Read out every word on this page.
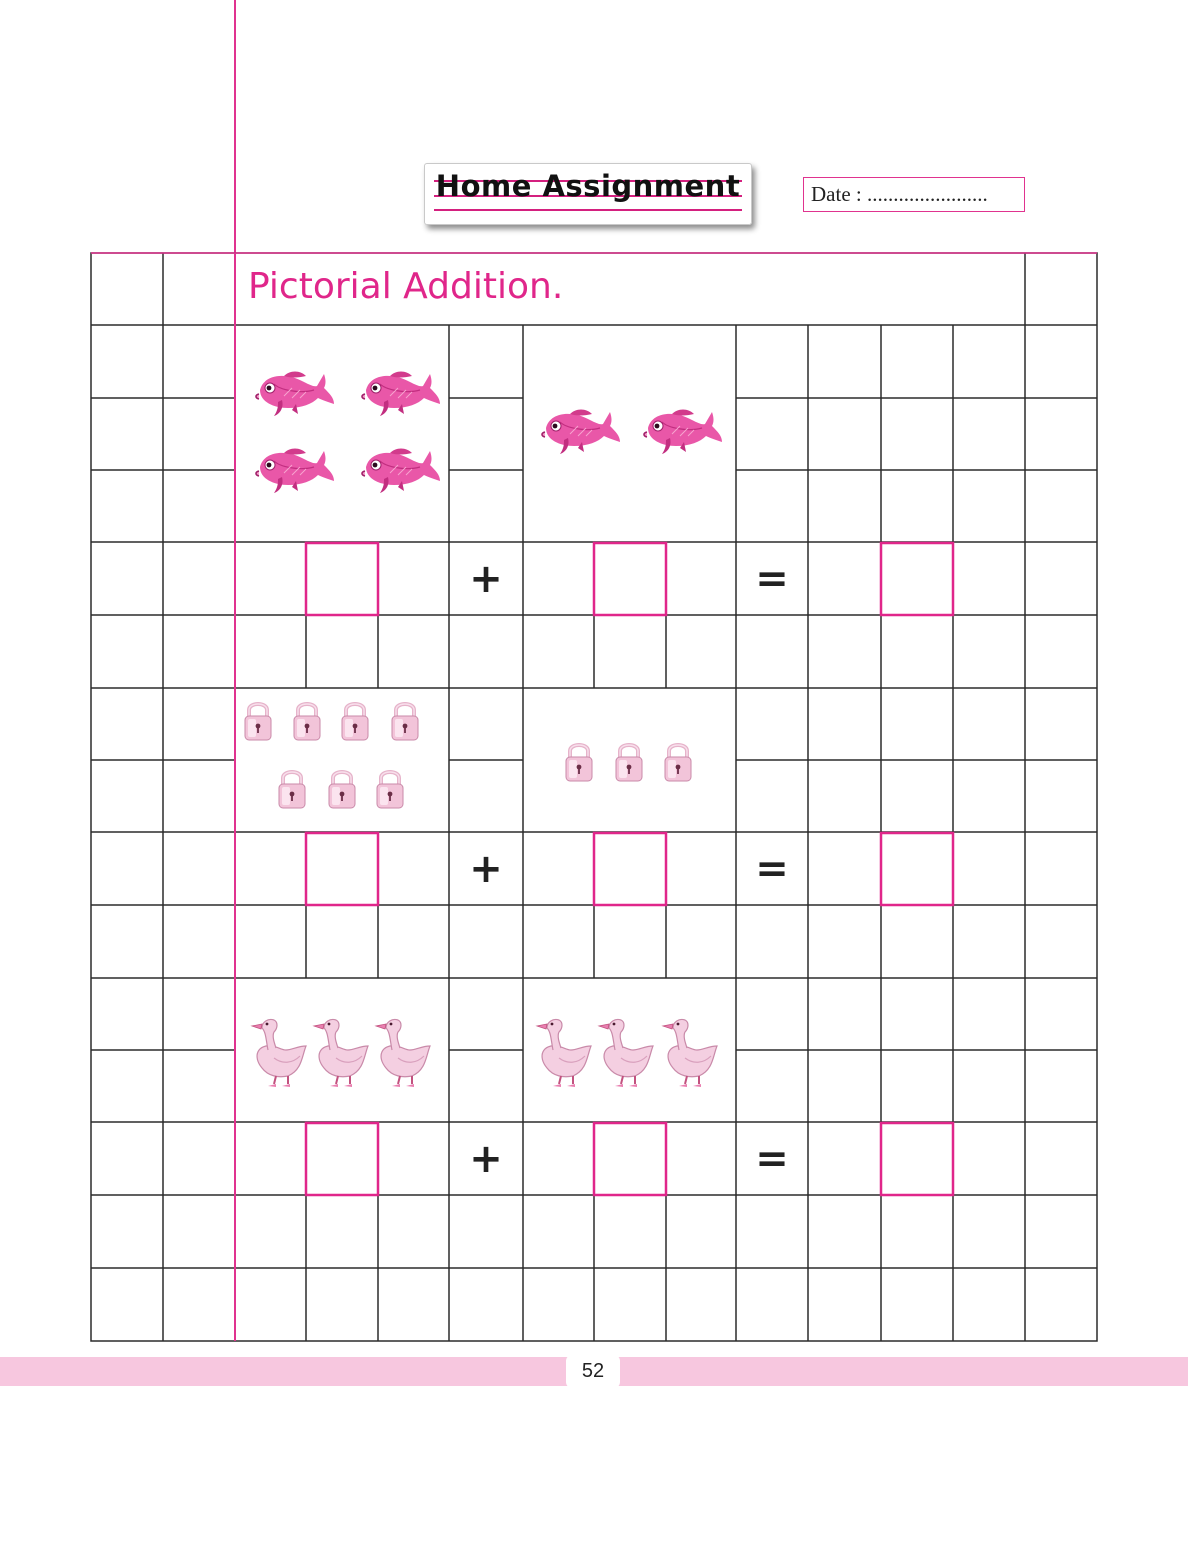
Home Assignment	Date : .......................
+	=
+	=
+	=
Pictorial Addition.
52
